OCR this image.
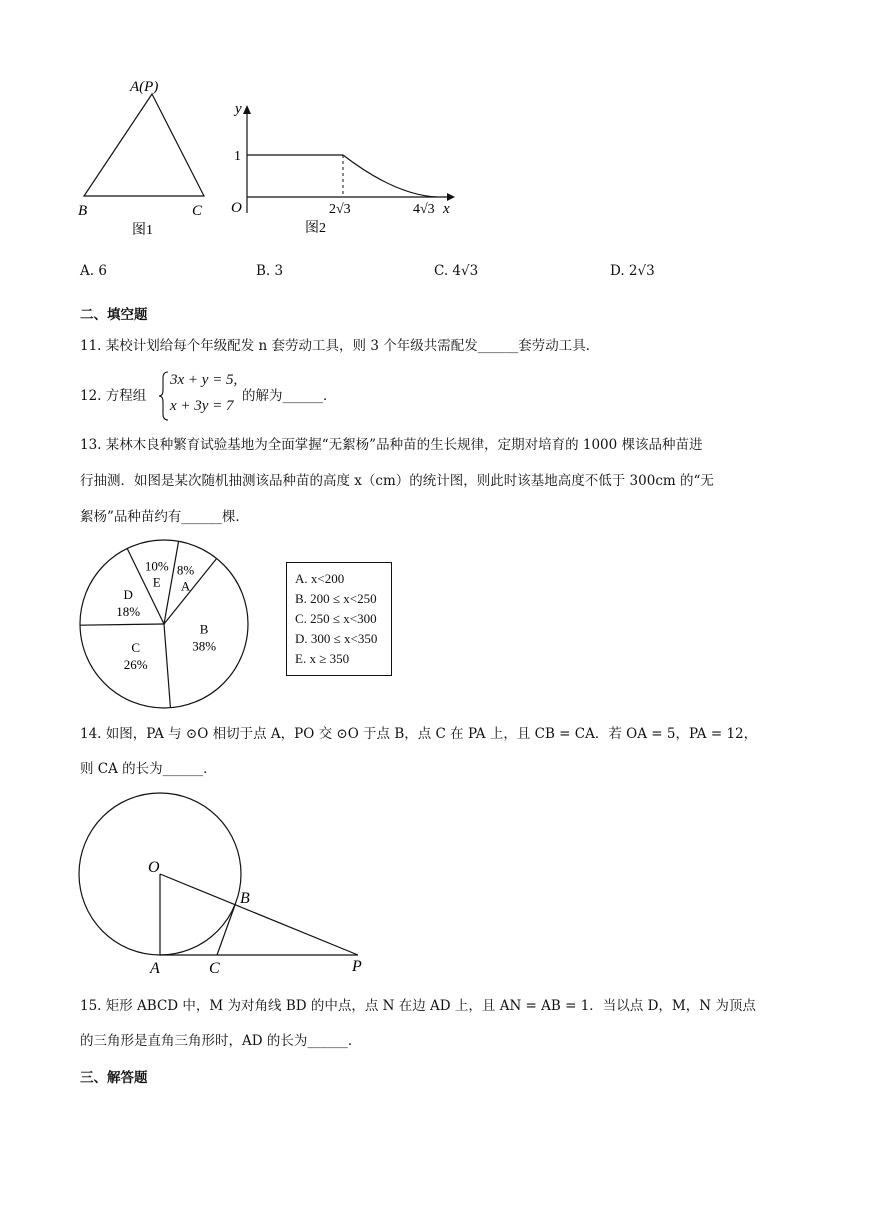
A(P)
B	C
图1
y
1
O	2√3	4√3 x
图2
A. 6	B. 3	C. 4√3	D. 2√3
二、填空题
11. 某校计划给每个年级配发 n 套劳动工具，则 3 个年级共需配发______套劳动工具．
12. 方程组
3x + y = 5,
x + 3y = 7
的解为______．
13. 某林木良种繁育试验基地为全面掌握“无絮杨”品种苗的生长规律，定期对培育的 1000 棵该品种苗进
行抽测．如图是某次随机抽测该品种苗的高度 x（cm）的统计图，则此时该基地高度不低于 300cm 的“无
絮杨”品种苗约有______棵．
8%
A
B
38%
C
26%
D
18%
10%
E	A. x<200
B. 200 ≤ x<250
C. 250 ≤ x<300
D. 300 ≤ x<350
E. x ≥ 350
14. 如图，PA 与 ⊙O 相切于点 A，PO 交 ⊙O 于点 B，点 C 在 PA 上，且 CB = CA．若 OA = 5，PA = 12，
则 CA 的长为______．
O
B
A	C	P
15. 矩形 ABCD 中，M 为对角线 BD 的中点，点 N 在边 AD 上，且 AN = AB = 1．当以点 D，M，N 为顶点
的三角形是直角三角形时，AD 的长为______．
三、解答题
